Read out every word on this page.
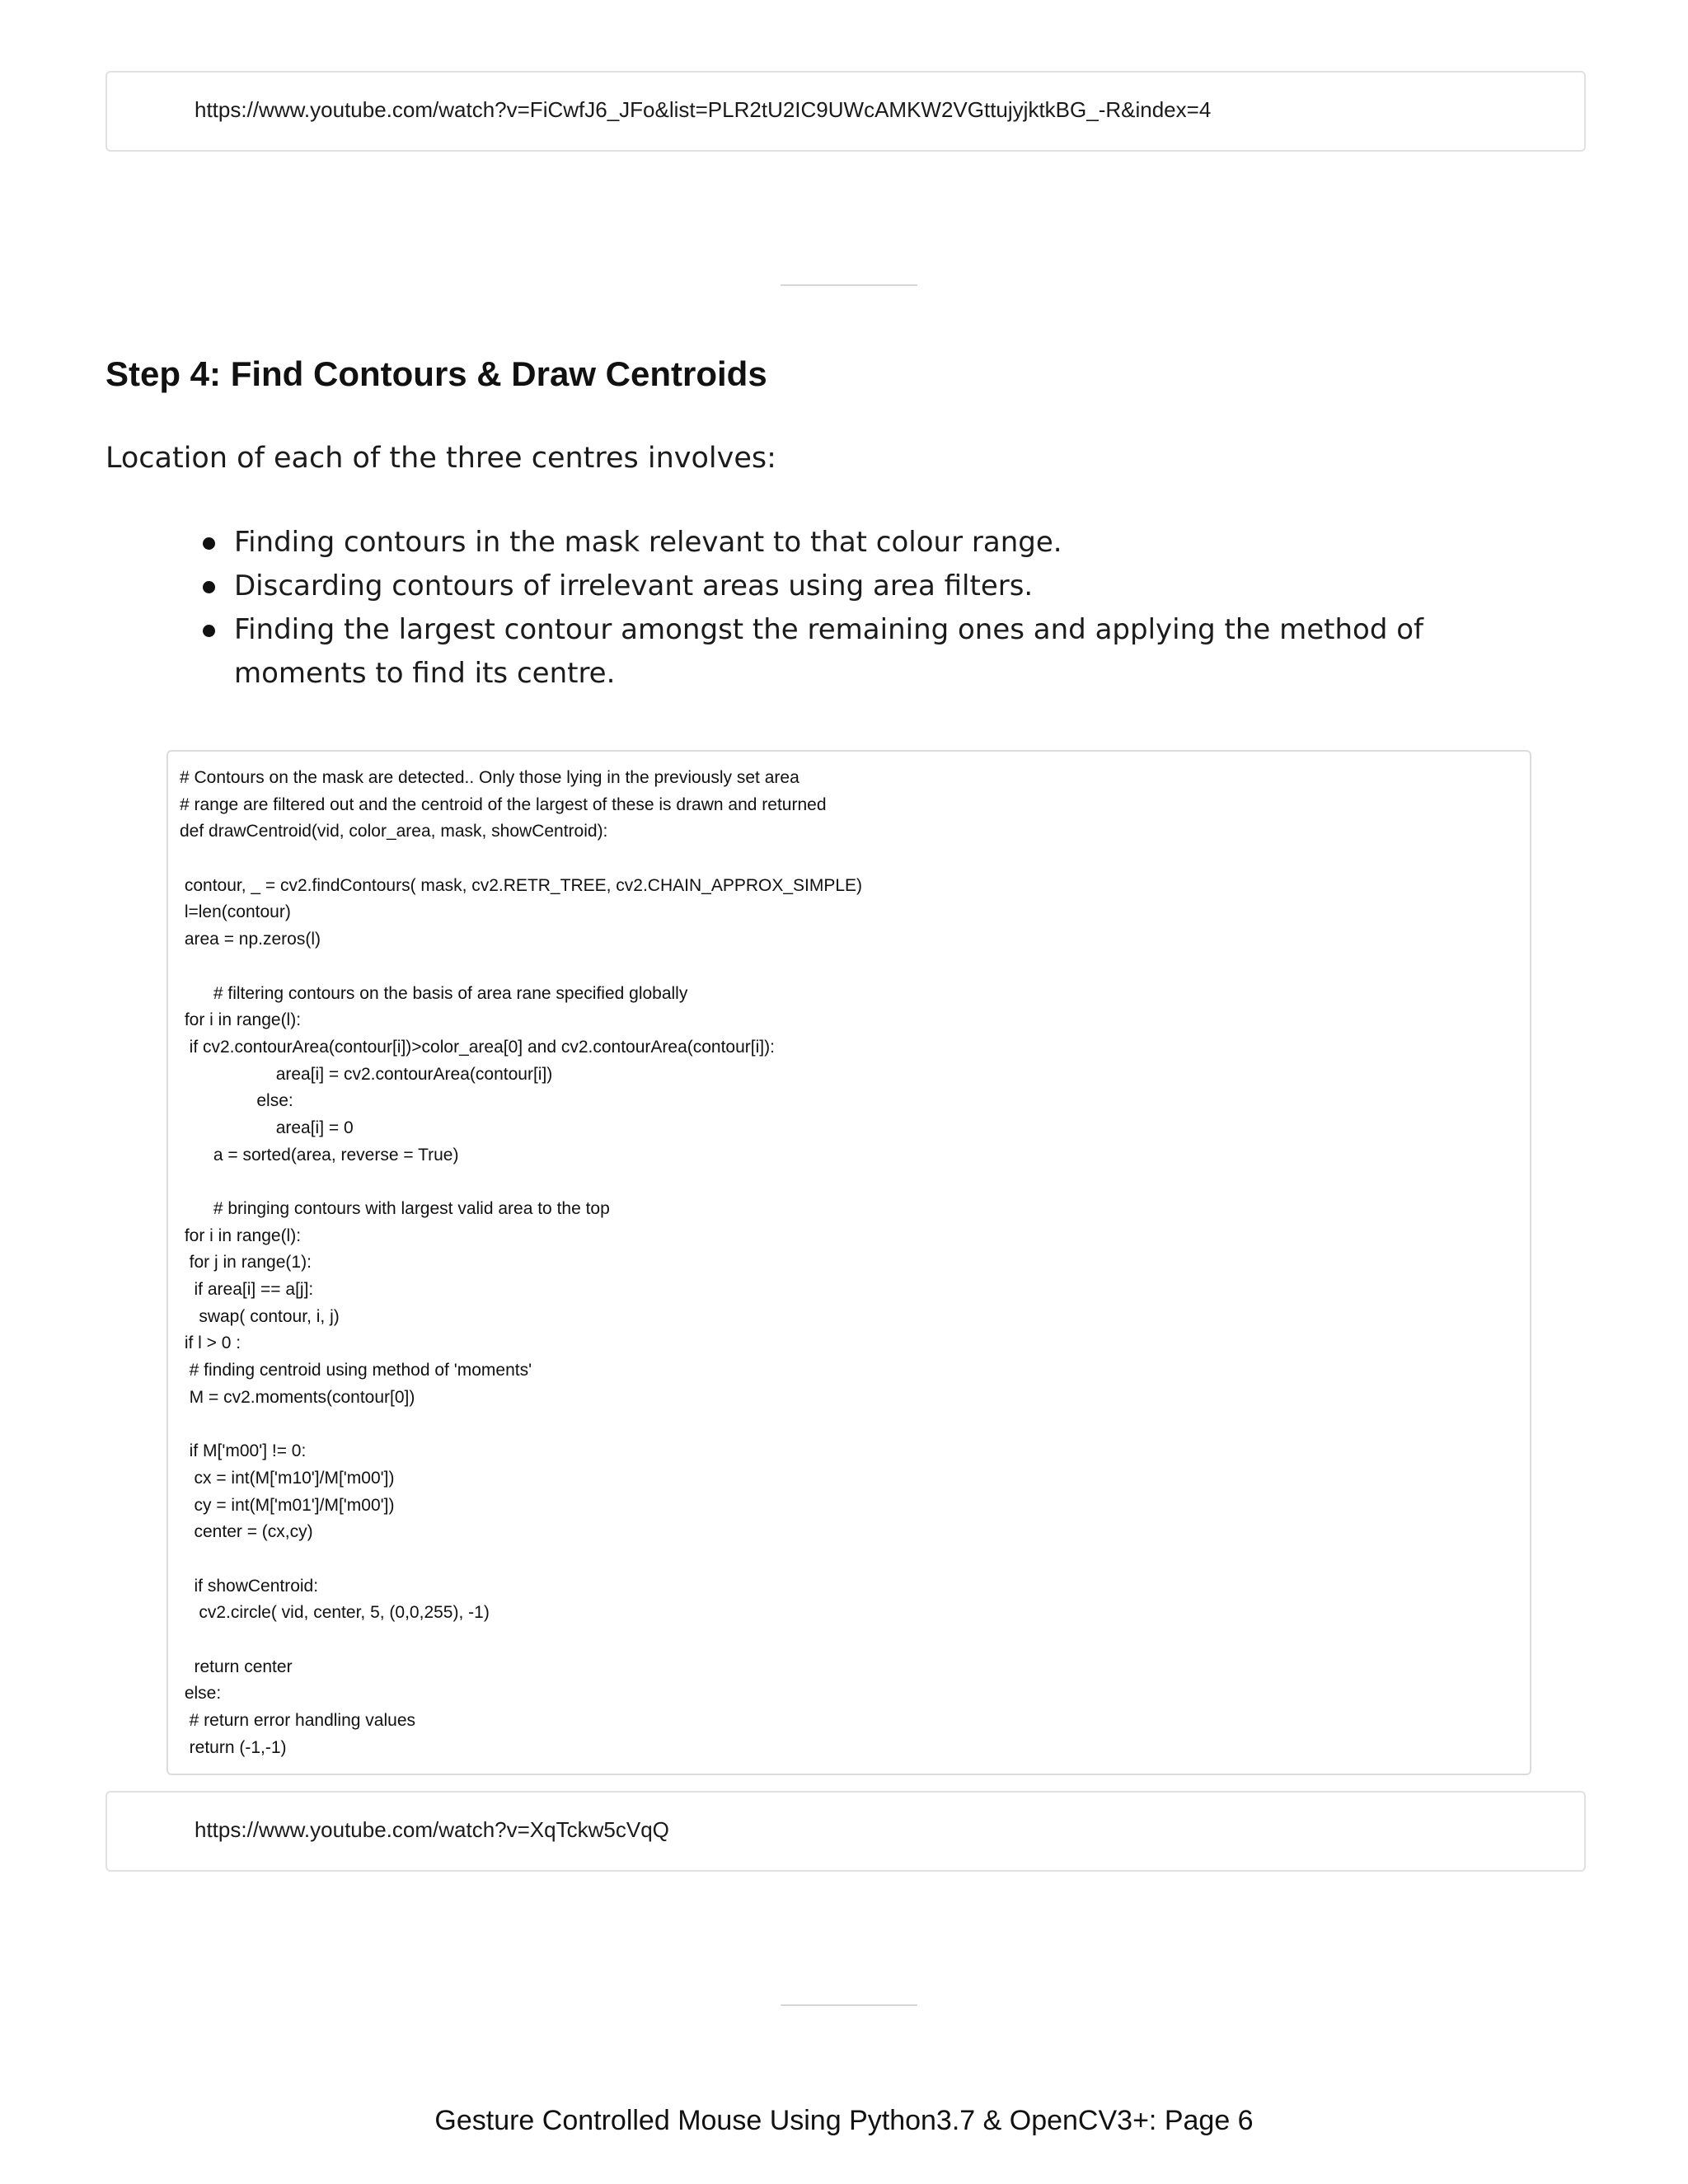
https://www.youtube.com/watch?v=FiCwfJ6_JFo&list=PLR2tU2IC9UWcAMKW2VGttujyjktkBG_-R&index=4
Step 4: Find Contours & Draw Centroids

Location of each of the three centres involves:

Finding contours in the mask relevant to that colour range.
Discarding contours of irrelevant areas using area filters.
Finding the largest contour amongst the remaining ones and applying the method of moments to find its centre.
# Contours on the mask are detected.. Only those lying in the previously set area
# range are filtered out and the centroid of the largest of these is drawn and returned
def drawCentroid(vid, color_area, mask, showCentroid):
contour, _ = cv2.findContours( mask, cv2.RETR_TREE, cv2.CHAIN_APPROX_SIMPLE)
l=len(contour)
area = np.zeros(l)
# filtering contours on the basis of area rane specified globally
for i in range(l):
if cv2.contourArea(contour[i])>color_area[0] and cv2.contourArea(contour[i]):
area[i] = cv2.contourArea(contour[i])
else:
area[i] = 0
a = sorted(area, reverse = True)
# bringing contours with largest valid area to the top
for i in range(l):
for j in range(1):
if area[i] == a[j]:
swap( contour, i, j)
if l > 0 :
# finding centroid using method of 'moments'
M = cv2.moments(contour[0])
if M['m00'] != 0:
cx = int(M['m10']/M['m00'])
cy = int(M['m01']/M['m00'])
center = (cx,cy)
if showCentroid:
cv2.circle( vid, center, 5, (0,0,255), -1)
return center
else:
# return error handling values
return (-1,-1)
https://www.youtube.com/watch?v=XqTckw5cVqQ
Gesture Controlled Mouse Using Python3.7 & OpenCV3+: Page 6
